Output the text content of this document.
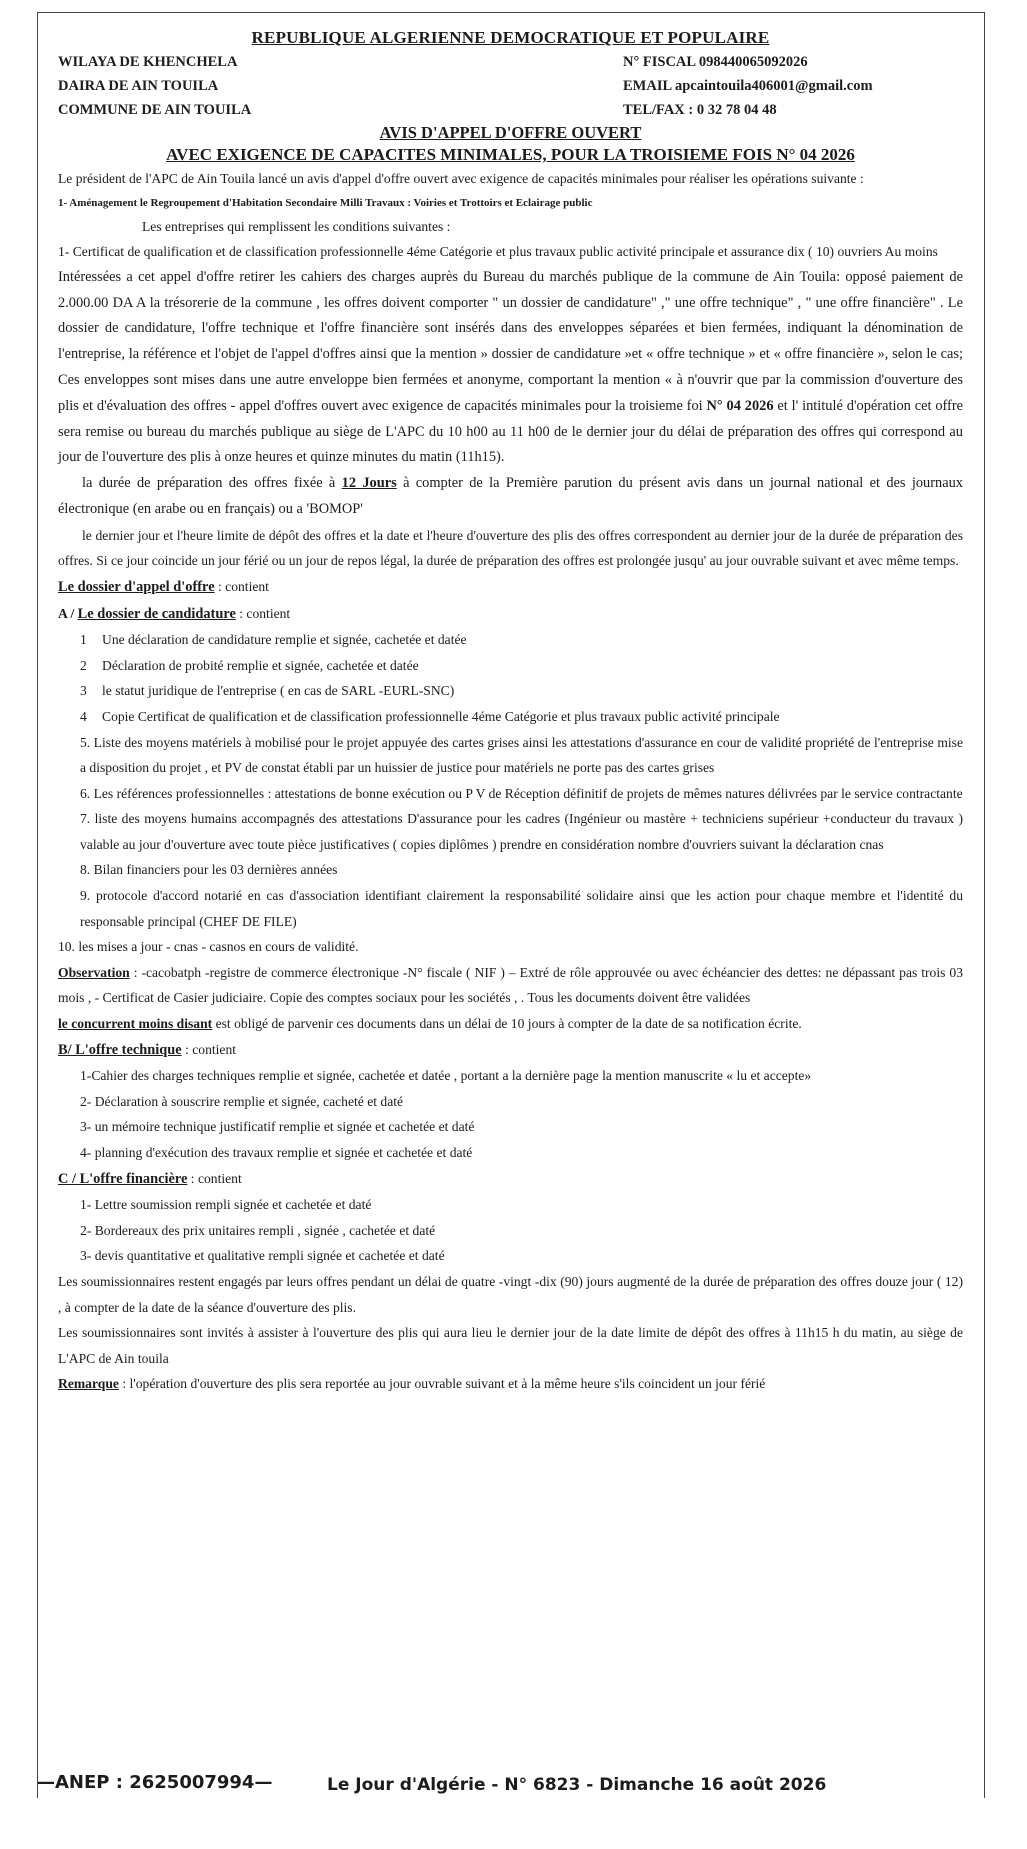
REPUBLIQUE ALGERIENNE DEMOCRATIQUE ET POPULAIRE
WILAYA DE KHENCHELA
DAIRA DE AIN TOUILA
COMMUNE DE AIN TOUILA
N° FISCAL 098440065092026
EMAIL apcaintouila406001@gmail.com
TEL/FAX : 0 32 78 04 48
AVIS D'APPEL D'OFFRE OUVERT
AVEC EXIGENCE DE CAPACITES MINIMALES, POUR LA TROISIEME FOIS N° 04 2026

Le président de l'APC de Ain Touila lancé un avis d'appel d'offre ouvert avec exigence de capacités minimales pour réaliser les opérations suivante :

1- Aménagement le Regroupement d'Habitation Secondaire Milli Travaux : Voiries et Trottoirs et Eclairage public

Les entreprises qui remplissent les conditions suivantes :

1- Certificat de qualification et de classification professionnelle 4éme Catégorie et plus travaux public activité principale et assurance dix ( 10) ouvriers Au moins

Intéressées a cet appel d'offre retirer les cahiers des charges auprès du Bureau du marchés publique de la commune de Ain Touila: opposé paiement de 2.000.00 DA A la trésorerie de la commune , les offres doivent comporter " un dossier de candidature" ," une offre technique" , " une offre financière" . Le dossier de candidature, l'offre technique et l'offre financière sont insérés dans des enveloppes séparées et bien fermées, indiquant la dénomination de l'entreprise, la référence et l'objet de l'appel d'offres ainsi que la mention » dossier de candidature »et « offre technique » et « offre financière », selon le cas; Ces enveloppes sont mises dans une autre enveloppe bien fermées et anonyme, comportant la mention « à n'ouvrir que par la commission d'ouverture des plis et d'évaluation des offres - appel d'offres ouvert avec exigence de capacités minimales pour la troisieme foi N° 04 2026 et l' intitulé d'opération cet offre sera remise ou bureau du marchés publique au siège de L'APC du 10 h00 au 11 h00 de le dernier jour du délai de préparation des offres qui correspond au jour de l'ouverture des plis à onze heures et quinze minutes du matin (11h15).

la durée de préparation des offres fixée à 12 Jours à compter de la Première parution du présent avis dans un journal national et des journaux électronique (en arabe ou en français) ou a 'BOMOP'

le dernier jour et l'heure limite de dépôt des offres et la date et l'heure d'ouverture des plis des offres correspondent au dernier jour de la durée de préparation des offres. Si ce jour coincide un jour férié ou un jour de repos légal, la durée de préparation des offres est prolongée jusqu' au jour ouvrable suivant et avec même temps.

Le dossier d'appel d'offre : contient

A / Le dossier de candidature : contient

1	Une déclaration de candidature remplie et signée, cachetée et datée
2	Déclaration de probité remplie et signée, cachetée et datée
3	le statut juridique de l'entreprise ( en cas de SARL -EURL-SNC)
4	Copie Certificat de qualification et de classification professionnelle 4éme Catégorie et plus travaux public activité principale

5. Liste des moyens matériels à mobilisé pour le projet appuyée des cartes grises ainsi les attestations d'assurance en cour de validité propriété de l'entreprise mise a disposition du projet , et PV de constat établi par un huissier de justice pour matériels ne porte pas des cartes grises

6. Les références professionnelles : attestations de bonne exécution ou P V de Réception définitif de projets de mêmes natures délivrées par le service contractante

7. liste des moyens humains accompagnés des attestations D'assurance pour les cadres (Ingénieur ou mastère + techniciens supérieur +conducteur du travaux ) valable au jour d'ouverture avec toute pièce justificatives ( copies diplômes ) prendre en considération nombre d'ouvriers suivant la déclaration cnas

8. Bilan financiers pour les 03 dernières années

9. protocole d'accord notarié en cas d'association identifiant clairement la responsabilité solidaire ainsi que les action pour chaque membre et l'identité du responsable principal (CHEF DE FILE)

10. les mises a jour - cnas - casnos en cours de validité.

Observation : -cacobatph -registre de commerce électronique -N° fiscale ( NIF ) – Extré de rôle approuvée ou avec échéancier des dettes: ne dépassant pas trois 03 mois , - Certificat de Casier judiciaire. Copie des comptes sociaux pour les sociétés , . Tous les documents doivent être validées

le concurrent moins disant est obligé de parvenir ces documents dans un délai de 10 jours à compter de la date de sa notification écrite.

B/ L'offre technique : contient

1-Cahier des charges techniques remplie et signée, cachetée et datée , portant a la dernière page la mention manuscrite « lu et accepte»

2- Déclaration à souscrire remplie et signée, cacheté et daté

3- un mémoire technique justificatif remplie et signée et cachetée et daté

4- planning d'exécution des travaux remplie et signée et cachetée et daté

C / L'offre financière : contient

1- Lettre soumission rempli signée et cachetée et daté

2- Bordereaux des prix unitaires rempli , signée , cachetée et daté

3- devis quantitative et qualitative rempli signée et cachetée et daté

Les soumissionnaires restent engagés par leurs offres pendant un délai de quatre -vingt -dix (90) jours augmenté de la durée de préparation des offres douze jour ( 12) , à compter de la date de la séance d'ouverture des plis.

Les soumissionnaires sont invités à assister à l'ouverture des plis qui aura lieu le dernier jour de la date limite de dépôt des offres à 11h15 h du matin, au siège de L'APC de Ain touila

Remarque : l'opération d'ouverture des plis sera reportée au jour ouvrable suivant et à la même heure s'ils coincident un jour férié

—ANEP : 2625007994—	Le Jour d'Algérie - N° 6823 - Dimanche 16 août 2026
